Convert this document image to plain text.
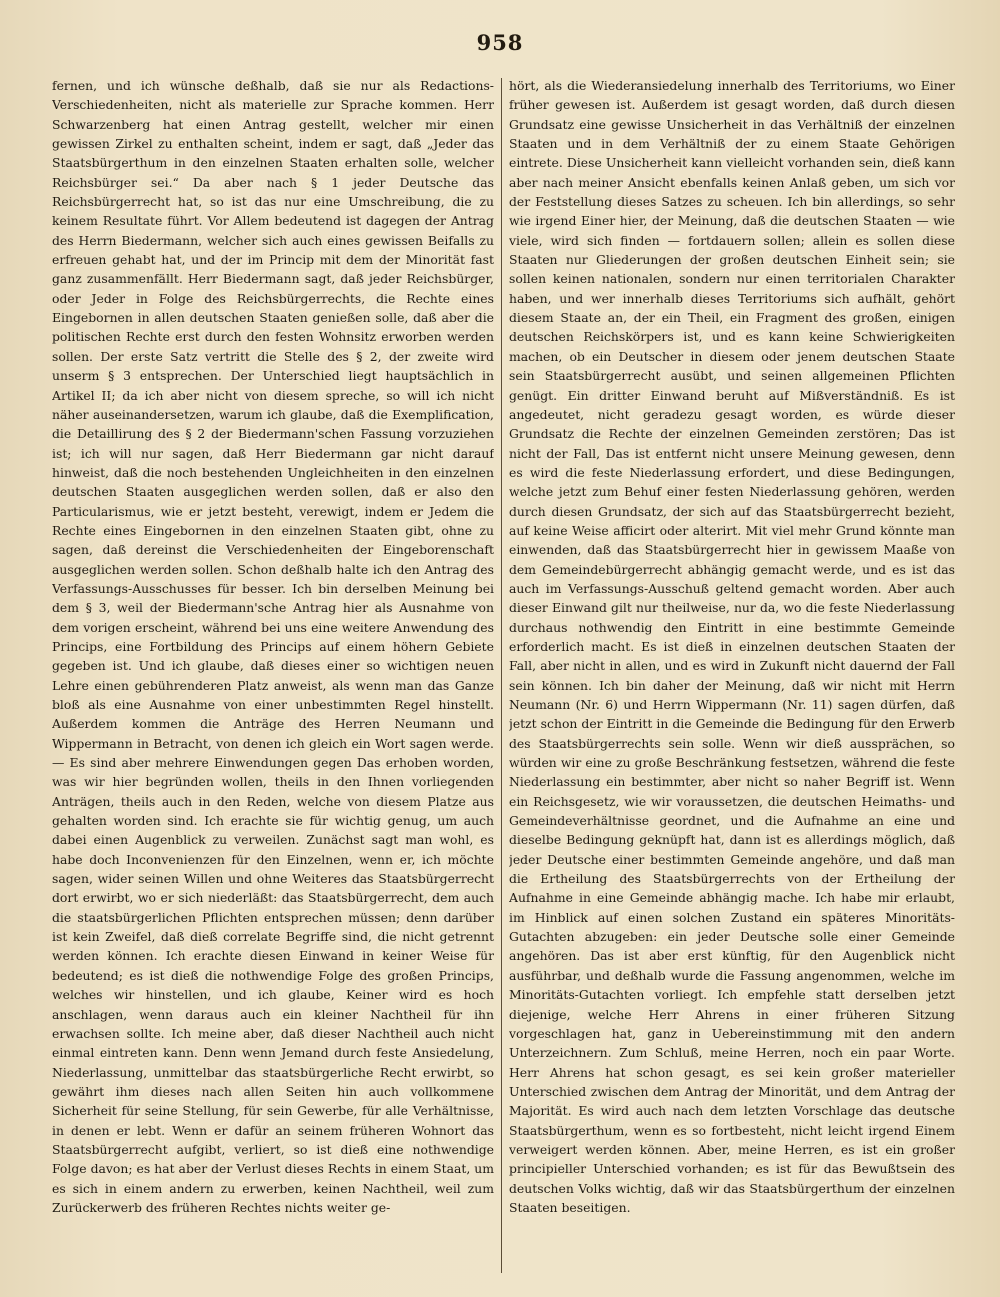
958

fernen, und ich wünsche deßhalb, daß sie nur als Redactions-Verschiedenheiten, nicht als materielle zur Sprache kommen. Herr Schwarzenberg hat einen Antrag gestellt, welcher mir einen gewissen Zirkel zu enthalten scheint, indem er sagt, daß „Jeder das Staatsbürgerthum in den einzelnen Staaten erhalten solle, welcher Reichsbürger sei.“ Da aber nach § 1 jeder Deutsche das Reichsbürgerrecht hat, so ist das nur eine Umschreibung, die zu keinem Resultate führt. Vor Allem bedeutend ist dagegen der Antrag des Herrn Biedermann, welcher sich auch eines gewissen Beifalls zu erfreuen gehabt hat, und der im Princip mit dem der Minorität fast ganz zusammenfällt. Herr Biedermann sagt, daß jeder Reichsbürger, oder Jeder in Folge des Reichsbürgerrechts, die Rechte eines Eingebornen in allen deutschen Staaten genießen solle, daß aber die politischen Rechte erst durch den festen Wohnsitz erworben werden sollen. Der erste Satz vertritt die Stelle des § 2, der zweite wird unserm § 3 entsprechen. Der Unterschied liegt hauptsächlich in Artikel II; da ich aber nicht von diesem spreche, so will ich nicht näher auseinandersetzen, warum ich glaube, daß die Exemplification, die Detaillirung des § 2 der Biedermann'schen Fassung vorzuziehen ist; ich will nur sagen, daß Herr Biedermann gar nicht darauf hinweist, daß die noch bestehenden Ungleichheiten in den einzelnen deutschen Staaten ausgeglichen werden sollen, daß er also den Particularismus, wie er jetzt besteht, verewigt, indem er Jedem die Rechte eines Eingebornen in den einzelnen Staaten gibt, ohne zu sagen, daß dereinst die Verschiedenheiten der Eingeborenschaft ausgeglichen werden sollen. Schon deßhalb halte ich den Antrag des Verfassungs-Ausschusses für besser. Ich bin derselben Meinung bei dem § 3, weil der Biedermann'sche Antrag hier als Ausnahme von dem vorigen erscheint, während bei uns eine weitere Anwendung des Princips, eine Fortbildung des Princips auf einem höhern Gebiete gegeben ist. Und ich glaube, daß dieses einer so wichtigen neuen Lehre einen gebührenderen Platz anweist, als wenn man das Ganze bloß als eine Ausnahme von einer unbestimmten Regel hinstellt. Außerdem kommen die Anträge des Herren Neumann und Wippermann in Betracht, von denen ich gleich ein Wort sagen werde. — Es sind aber mehrere Einwendungen gegen Das erhoben worden, was wir hier begründen wollen, theils in den Ihnen vorliegenden Anträgen, theils auch in den Reden, welche von diesem Platze aus gehalten worden sind. Ich erachte sie für wichtig genug, um auch dabei einen Augenblick zu verweilen. Zunächst sagt man wohl, es habe doch Inconvenienzen für den Einzelnen, wenn er, ich möchte sagen, wider seinen Willen und ohne Weiteres das Staatsbürgerrecht dort erwirbt, wo er sich niederläßt: das Staatsbürgerrecht, dem auch die staatsbürgerlichen Pflichten entsprechen müssen; denn darüber ist kein Zweifel, daß dieß correlate Begriffe sind, die nicht getrennt werden können. Ich erachte diesen Einwand in keiner Weise für bedeutend; es ist dieß die nothwendige Folge des großen Princips, welches wir hinstellen, und ich glaube, Keiner wird es hoch anschlagen, wenn daraus auch ein kleiner Nachtheil für ihn erwachsen sollte. Ich meine aber, daß dieser Nachtheil auch nicht einmal eintreten kann. Denn wenn Jemand durch feste Ansiedelung, Niederlassung, unmittelbar das staatsbürgerliche Recht erwirbt, so gewährt ihm dieses nach allen Seiten hin auch vollkommene Sicherheit für seine Stellung, für sein Gewerbe, für alle Verhältnisse, in denen er lebt. Wenn er dafür an seinem früheren Wohnort das Staatsbürgerrecht aufgibt, verliert, so ist dieß eine nothwendige Folge davon; es hat aber der Verlust dieses Rechts in einem Staat, um es sich in einem andern zu erwerben, keinen Nachtheil, weil zum Zurückerwerb des früheren Rechtes nichts weiter ge-

hört, als die Wiederansiedelung innerhalb des Territoriums, wo Einer früher gewesen ist. Außerdem ist gesagt worden, daß durch diesen Grundsatz eine gewisse Unsicherheit in das Verhältniß der einzelnen Staaten und in dem Verhältniß der zu einem Staate Gehörigen eintrete. Diese Unsicherheit kann vielleicht vorhanden sein, dieß kann aber nach meiner Ansicht ebenfalls keinen Anlaß geben, um sich vor der Feststellung dieses Satzes zu scheuen. Ich bin allerdings, so sehr wie irgend Einer hier, der Meinung, daß die deutschen Staaten — wie viele, wird sich finden — fortdauern sollen; allein es sollen diese Staaten nur Gliederungen der großen deutschen Einheit sein; sie sollen keinen nationalen, sondern nur einen territorialen Charakter haben, und wer innerhalb dieses Territoriums sich aufhält, gehört diesem Staate an, der ein Theil, ein Fragment des großen, einigen deutschen Reichskörpers ist, und es kann keine Schwierigkeiten machen, ob ein Deutscher in diesem oder jenem deutschen Staate sein Staatsbürgerrecht ausübt, und seinen allgemeinen Pflichten genügt. Ein dritter Einwand beruht auf Mißverständniß. Es ist angedeutet, nicht geradezu gesagt worden, es würde dieser Grundsatz die Rechte der einzelnen Gemeinden zerstören; Das ist nicht der Fall, Das ist entfernt nicht unsere Meinung gewesen, denn es wird die feste Niederlassung erfordert, und diese Bedingungen, welche jetzt zum Behuf einer festen Niederlassung gehören, werden durch diesen Grundsatz, der sich auf das Staatsbürgerrecht bezieht, auf keine Weise afficirt oder alterirt. Mit viel mehr Grund könnte man einwenden, daß das Staatsbürgerrecht hier in gewissem Maaße von dem Gemeindebürgerrecht abhängig gemacht werde, und es ist das auch im Verfassungs-Ausschuß geltend gemacht worden. Aber auch dieser Einwand gilt nur theilweise, nur da, wo die feste Niederlassung durchaus nothwendig den Eintritt in eine bestimmte Gemeinde erforderlich macht. Es ist dieß in einzelnen deutschen Staaten der Fall, aber nicht in allen, und es wird in Zukunft nicht dauernd der Fall sein können. Ich bin daher der Meinung, daß wir nicht mit Herrn Neumann (Nr. 6) und Herrn Wippermann (Nr. 11) sagen dürfen, daß jetzt schon der Eintritt in die Gemeinde die Bedingung für den Erwerb des Staatsbürgerrechts sein solle. Wenn wir dieß aussprächen, so würden wir eine zu große Beschränkung festsetzen, während die feste Niederlassung ein bestimmter, aber nicht so naher Begriff ist. Wenn ein Reichsgesetz, wie wir voraussetzen, die deutschen Heimaths- und Gemeindeverhältnisse geordnet, und die Aufnahme an eine und dieselbe Bedingung geknüpft hat, dann ist es allerdings möglich, daß jeder Deutsche einer bestimmten Gemeinde angehöre, und daß man die Ertheilung des Staatsbürgerrechts von der Ertheilung der Aufnahme in eine Gemeinde abhängig mache. Ich habe mir erlaubt, im Hinblick auf einen solchen Zustand ein späteres Minoritäts-Gutachten abzugeben: ein jeder Deutsche solle einer Gemeinde angehören. Das ist aber erst künftig, für den Augenblick nicht ausführbar, und deßhalb wurde die Fassung angenommen, welche im Minoritäts-Gutachten vorliegt. Ich empfehle statt derselben jetzt diejenige, welche Herr Ahrens in einer früheren Sitzung vorgeschlagen hat, ganz in Uebereinstimmung mit den andern Unterzeichnern. Zum Schluß, meine Herren, noch ein paar Worte. Herr Ahrens hat schon gesagt, es sei kein großer materieller Unterschied zwischen dem Antrag der Minorität, und dem Antrag der Majorität. Es wird auch nach dem letzten Vorschlage das deutsche Staatsbürgerthum, wenn es so fortbesteht, nicht leicht irgend Einem verweigert werden können. Aber, meine Herren, es ist ein großer principieller Unterschied vorhanden; es ist für das Bewußtsein des deutschen Volks wichtig, daß wir das Staatsbürgerthum der einzelnen Staaten beseitigen.
